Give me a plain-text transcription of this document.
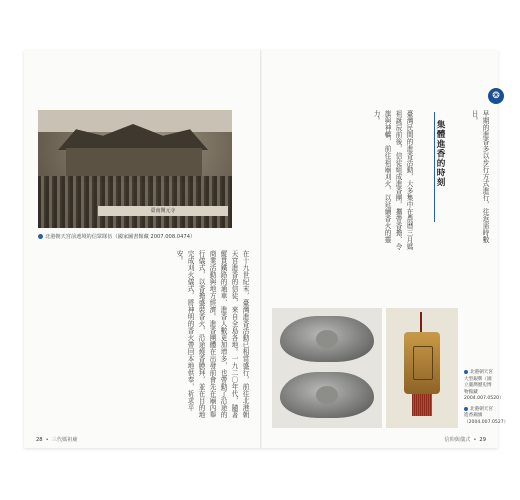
臺南開元寺
北港朝天宮前遶境的信眾隊伍（國家圖書館藏 2007.008.0474）
在十九世紀末，臺灣進香活動已相當盛行，前往北港朝天宮進香的信徒，來自全島各地。一九二〇年代，隨著縱貫鐵路的通車，進香人數更加增多，也帶動了沿途的商業活動與地方經濟。進香團體在出發前會先在廟內舉行儀式，以香擔盛裝香火，沿途燒香膜拜，並在目的地完成刈火儀式，將神明的香火帶回本地供奉，祈求平安。
28 • 三代媽祖廟
臺灣民間的進香活動，大多集中在農曆三月媽祖誕辰前後，信徒組成進香團，攜帶香擔、令旗與神轎，前往祖廟刈火，以延續香火的靈力。
集體進香的時刻	早期的進香多以步行方式進行，往返需時數日。
北港朝天宮大型銀牌（國立臺灣歷史博物館藏 2004.007.0520）
北港朝天宮進香錦旗（2004.007.0527）
信仰與儀式 • 29
❂
